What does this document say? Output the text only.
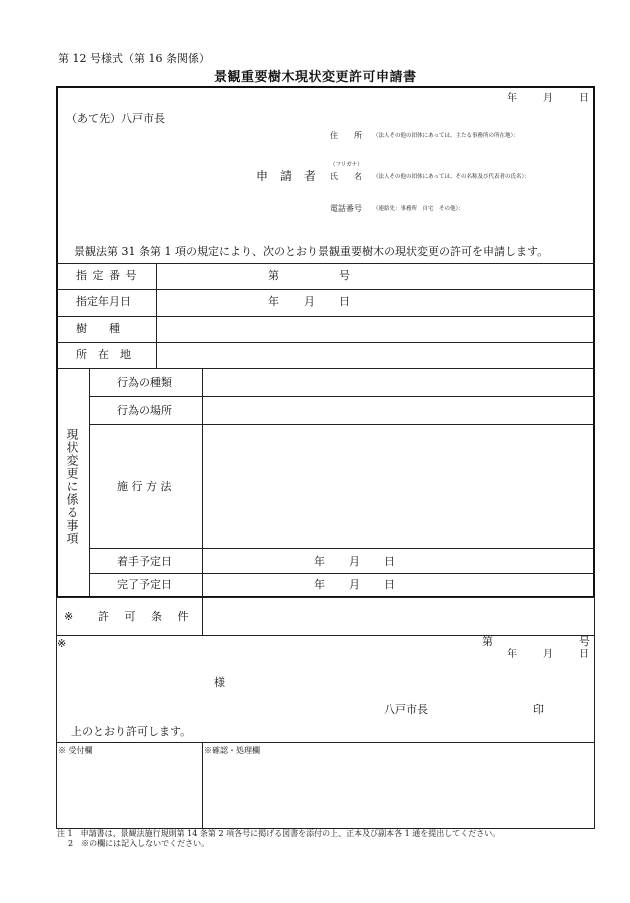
第 12 号様式（第 16 条関係）
景観重要樹木現状変更許可申請書
年	月	日
（あて先）八戸市長
住　　所 （法人その他の団体にあっては、主たる事務所の所在地）：
（フリガナ）
申　請　者 氏　　名 （法人その他の団体にあっては、その名称及び代表者の氏名）：
電話番号 （連絡先：事務所　自宅　その他）：
景観法第 31 条第 1 項の規定により、次のとおり景観重要樹木の現状変更の許可を申請します。
指 定 番 号	第	号
指定年月日	年 月 日
樹　　種
所　在　地
現状変更に係る事項
行為の種類
行為の場所
施 行 方 法
着手予定日	年 月 日
完了予定日	年 月 日
※ 許 可 条 件
※	第	号
年	月	日
様
八戸市長	印
上のとおり許可します。
※ 受付欄	※確認・処理欄
注 1　申請書は、景観法施行規則第 14 条第 2 項各号に掲げる図書を添付の上、正本及び副本各 1 通を提出してください。
2　※の欄には記入しないでください。
